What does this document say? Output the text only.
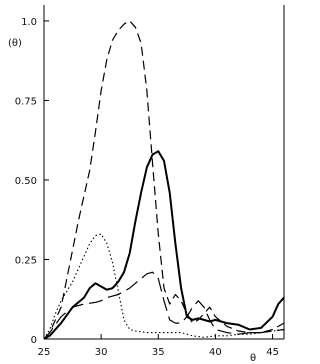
25	30	35	40	45
0
0.25
0.50
0.75
1.0
(θ)
θ
